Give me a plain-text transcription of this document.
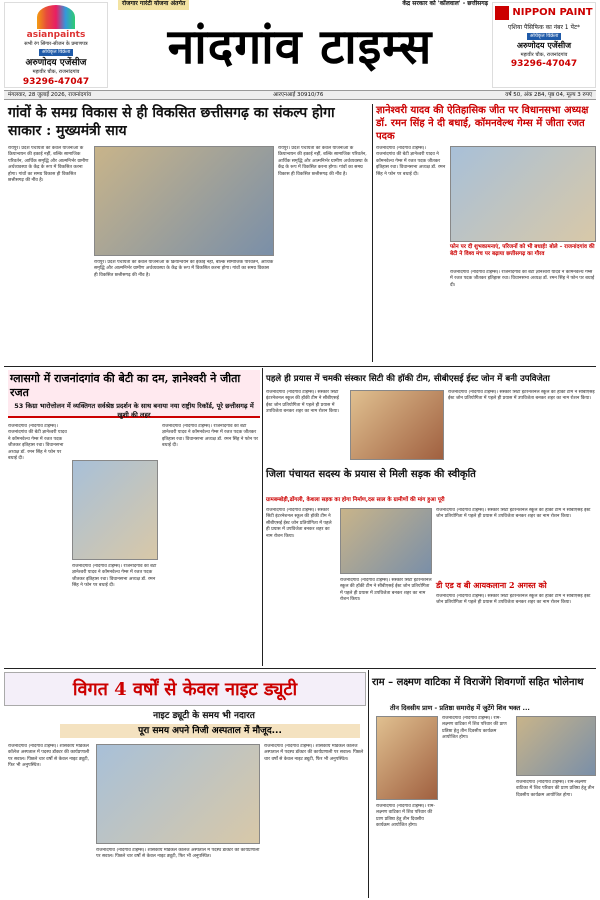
रोजगार गारंटी योजना अंतर्गत	केंद्र सरकार को 'कॉलवाल' - छत्तीसगढ़
asianpaints
सभी रंग सिंगार-सीजन के प्रमाणपत्र
अधिकृत विक्रेता
अरुणोदय एजेंसीज
महावीर चौक, राजनांदगांव
93296-47047
नांदगांव टाइम्स
NIPPON PAINT
एशिया पैसिफिक का नंबर 1 पेंट*
अधिकृत विक्रेता
अरुणोदय एजेंसीज
महावीर चौक, राजनांदगांव
93296-47047
मंगलवार, 28 जुलाई 2026, राजनांदगांव	आरएनआई 30910/76	वर्ष 50, अंक 284, पृष्ठ 04, मूल्य 3 रुपए
गांवों के समग्र विकास से ही विकसित छत्तीसगढ़ का संकल्प होगा साकार : मुख्यमंत्री साय
रायपुर। प्रदेश पंचायतों को केवल योजनाओं के क्रियान्वयन की इकाई नहीं, बल्कि सामाजिक परिवर्तन, आर्थिक समृद्धि और आत्मनिर्भर ग्रामीण अर्थव्यवस्था के केंद्र के रूप में विकसित करना होगा। गांवों का समग्र विकास ही विकसित छत्तीसगढ़ की नींव है।
रायपुर। प्रदेश पंचायतों को केवल योजनाओं के क्रियान्वयन की इकाई नहीं, बल्कि सामाजिक परिवर्तन, आर्थिक समृद्धि और आत्मनिर्भर ग्रामीण अर्थव्यवस्था के केंद्र के रूप में विकसित करना होगा। गांवों का समग्र विकास ही विकसित छत्तीसगढ़ की नींव है।
रायपुर। प्रदेश पंचायतों को केवल योजनाओं के क्रियान्वयन की इकाई नहीं, बल्कि सामाजिक परिवर्तन, आर्थिक समृद्धि और आत्मनिर्भर ग्रामीण अर्थव्यवस्था के केंद्र के रूप में विकसित करना होगा। गांवों का समग्र विकास ही विकसित छत्तीसगढ़ की नींव है।
ज्ञानेश्वरी यादव की ऐतिहासिक जीत पर विधानसभा अध्यक्ष डॉ. रमन सिंह ने दी बधाई, कॉमनवेल्थ गेम्स में जीता रजत पदक
राजनांदगांव (नांदगांव टाइम्स)। राजनांदगांव की बेटी ज्ञानेश्वरी यादव ने कॉमनवेल्थ गेम्स में रजत पदक जीतकर इतिहास रचा। विधानसभा अध्यक्ष डॉ. रमन सिंह ने फोन पर बधाई दी।
फोन पर दी शुभकामनाएं, परिजनों को भी बधाई! बोले – राजनांदगांव की बेटी ने विश्व मंच पर बढ़ाया छत्तीसगढ़ का गौरव
राजनांदगांव (नांदगांव टाइम्स)। राजनांदगांव की बेटी ज्ञानेश्वरी यादव ने कॉमनवेल्थ गेम्स में रजत पदक जीतकर इतिहास रचा। विधानसभा अध्यक्ष डॉ. रमन सिंह ने फोन पर बधाई दी।
ग्लासगो में राजनांदगांव की बेटी का दम, ज्ञानेश्वरी ने जीता रजत
53 किग्रा भारोत्तोलन में व्यक्तिगत सर्वश्रेष्ठ प्रदर्शन के साथ बनाया नया राष्ट्रीय रिकॉर्ड, पूरे छत्तीसगढ़ में खुशी की लहर
राजनांदगांव (नांदगांव टाइम्स)। राजनांदगांव की बेटी ज्ञानेश्वरी यादव ने कॉमनवेल्थ गेम्स में रजत पदक जीतकर इतिहास रचा। विधानसभा अध्यक्ष डॉ. रमन सिंह ने फोन पर बधाई दी।
राजनांदगांव (नांदगांव टाइम्स)। राजनांदगांव की बेटी ज्ञानेश्वरी यादव ने कॉमनवेल्थ गेम्स में रजत पदक जीतकर इतिहास रचा। विधानसभा अध्यक्ष डॉ. रमन सिंह ने फोन पर बधाई दी।
राजनांदगांव (नांदगांव टाइम्स)। राजनांदगांव की बेटी ज्ञानेश्वरी यादव ने कॉमनवेल्थ गेम्स में रजत पदक जीतकर इतिहास रचा। विधानसभा अध्यक्ष डॉ. रमन सिंह ने फोन पर बधाई दी।
पहले ही प्रयास में चमकी संस्कार सिटी की हॉकी टीम, सीबीएसई ईस्ट जोन में बनी उपविजेता
राजनांदगांव (नांदगांव टाइम्स)। संस्कार सिटी इंटरनेशनल स्कूल की हॉकी टीम ने सीबीएसई ईस्ट जोन प्रतियोगिता में पहले ही प्रयास में उपविजेता बनकर शहर का नाम रोशन किया।
राजनांदगांव (नांदगांव टाइम्स)। संस्कार सिटी इंटरनेशनल स्कूल की हॉकी टीम ने सीबीएसई ईस्ट जोन प्रतियोगिता में पहले ही प्रयास में उपविजेता बनकर शहर का नाम रोशन किया।
जिला पंचायत सदस्य के प्रयास से मिली सड़क की स्वीकृति
ग्रामबम्बोड़ी,ढोंगली, केशला सड़क का होगा निर्माण,दस साल के ग्रामीणों की मांग हुआ पूरी
राजनांदगांव (नांदगांव टाइम्स)। संस्कार सिटी इंटरनेशनल स्कूल की हॉकी टीम ने सीबीएसई ईस्ट जोन प्रतियोगिता में पहले ही प्रयास में उपविजेता बनकर शहर का नाम रोशन किया।
राजनांदगांव (नांदगांव टाइम्स)। संस्कार सिटी इंटरनेशनल स्कूल की हॉकी टीम ने सीबीएसई ईस्ट जोन प्रतियोगिता में पहले ही प्रयास में उपविजेता बनकर शहर का नाम रोशन किया।
राजनांदगांव (नांदगांव टाइम्स)। संस्कार सिटी इंटरनेशनल स्कूल की हॉकी टीम ने सीबीएसई ईस्ट जोन प्रतियोगिता में पहले ही प्रयास में उपविजेता बनकर शहर का नाम रोशन किया।
डी एड व बी आयकलाना 2 अगस्त को
राजनांदगांव (नांदगांव टाइम्स)। संस्कार सिटी इंटरनेशनल स्कूल की हॉकी टीम ने सीबीएसई ईस्ट जोन प्रतियोगिता में पहले ही प्रयास में उपविजेता बनकर शहर का नाम रोशन किया।
विगत 4 वर्षों से केवल नाइट ड्यूटी
नाइट ड्यूटी के समय भी नदारत
पूरा समय अपने निजी अस्पताल में मौजूद...
राजनांदगांव (नांदगांव टाइम्स)। शासकीय मेडिकल कॉलेज अस्पताल में पदस्थ डॉक्टर की कार्यप्रणाली पर सवाल। पिछले चार वर्षों से केवल नाइट ड्यूटी, फिर भी अनुपस्थित।
राजनांदगांव (नांदगांव टाइम्स)। शासकीय मेडिकल कॉलेज अस्पताल में पदस्थ डॉक्टर की कार्यप्रणाली पर सवाल। पिछले चार वर्षों से केवल नाइट ड्यूटी, फिर भी अनुपस्थित।
राजनांदगांव (नांदगांव टाइम्स)। शासकीय मेडिकल कॉलेज अस्पताल में पदस्थ डॉक्टर की कार्यप्रणाली पर सवाल। पिछले चार वर्षों से केवल नाइट ड्यूटी, फिर भी अनुपस्थित।
राम – लक्ष्मण वाटिका में विराजेंगे शिवगणों सहित भोलेनाथ
तीन दिवसीय प्राण - प्रतिष्ठा समारोह में जुटेंगे शिव भक्त ...
राजनांदगांव (नांदगांव टाइम्स)। राम-लक्ष्मण वाटिका में शिव परिवार की प्राण प्रतिष्ठा हेतु तीन दिवसीय कार्यक्रम आयोजित होगा।
राजनांदगांव (नांदगांव टाइम्स)। राम-लक्ष्मण वाटिका में शिव परिवार की प्राण प्रतिष्ठा हेतु तीन दिवसीय कार्यक्रम आयोजित होगा।
राजनांदगांव (नांदगांव टाइम्स)। राम-लक्ष्मण वाटिका में शिव परिवार की प्राण प्रतिष्ठा हेतु तीन दिवसीय कार्यक्रम आयोजित होगा।
